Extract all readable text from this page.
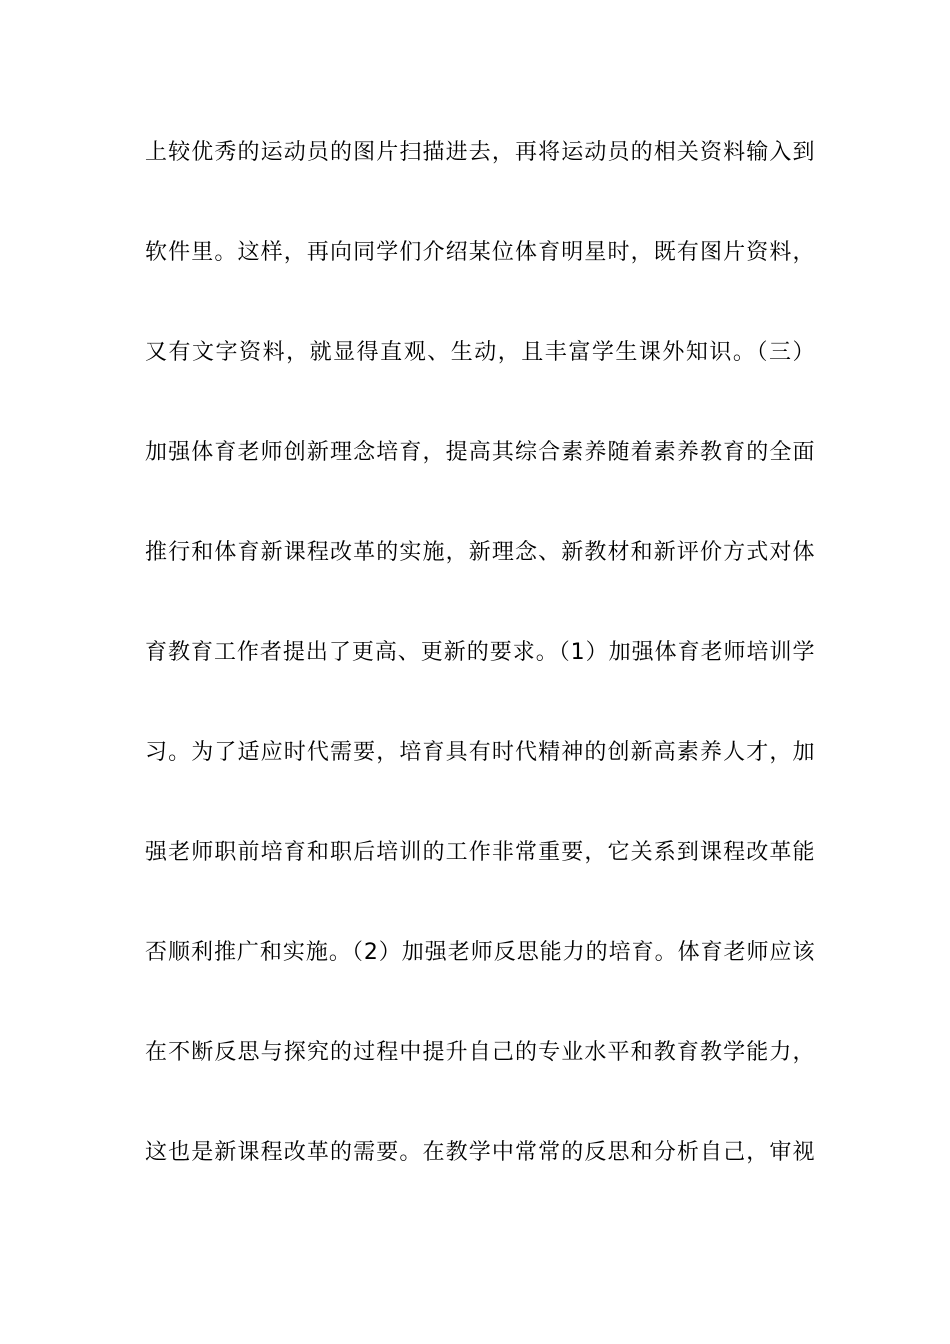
上较优秀的运动员的图片扫描进去，再将运动员的相关资料输入到
软件里。这样，再向同学们介绍某位体育明星时，既有图片资料，
又有文字资料，就显得直观、生动，且丰富学生课外知识。（三）
加强体育老师创新理念培育，提高其综合素养随着素养教育的全面
推行和体育新课程改革的实施，新理念、新教材和新评价方式对体
育教育工作者提出了更高、更新的要求。（1）加强体育老师培训学
习。为了适应时代需要，培育具有时代精神的创新高素养人才，加
强老师职前培育和职后培训的工作非常重要，它关系到课程改革能
否顺利推广和实施。（2）加强老师反思能力的培育。体育老师应该
在不断反思与探究的过程中提升自己的专业水平和教育教学能力，
这也是新课程改革的需要。在教学中常常的反思和分析自己，审视
